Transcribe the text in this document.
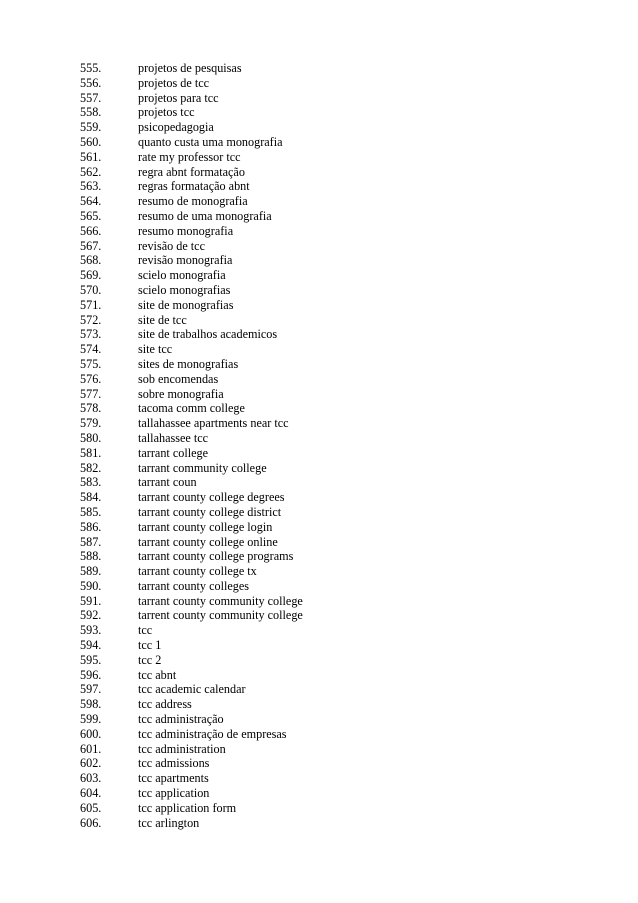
555.	projetos de pesquisas
556.	projetos de tcc
557.	projetos para tcc
558.	projetos tcc
559.	psicopedagogia
560.	quanto custa uma monografia
561.	rate my professor tcc
562.	regra abnt formatação
563.	regras formatação abnt
564.	resumo de monografia
565.	resumo de uma monografia
566.	resumo monografia
567.	revisão de tcc
568.	revisão monografia
569.	scielo monografia
570.	scielo monografias
571.	site de monografias
572.	site de tcc
573.	site de trabalhos academicos
574.	site tcc
575.	sites de monografias
576.	sob encomendas
577.	sobre monografia
578.	tacoma comm college
579.	tallahassee apartments near tcc
580.	tallahassee tcc
581.	tarrant college
582.	tarrant community college
583.	tarrant coun
584.	tarrant county college degrees
585.	tarrant county college district
586.	tarrant county college login
587.	tarrant county college online
588.	tarrant county college programs
589.	tarrant county college tx
590.	tarrant county colleges
591.	tarrant county community college
592.	tarrent county community college
593.	tcc
594.	tcc 1
595.	tcc 2
596.	tcc abnt
597.	tcc academic calendar
598.	tcc address
599.	tcc administração
600.	tcc administração de empresas
601.	tcc administration
602.	tcc admissions
603.	tcc apartments
604.	tcc application
605.	tcc application form
606.	tcc arlington
